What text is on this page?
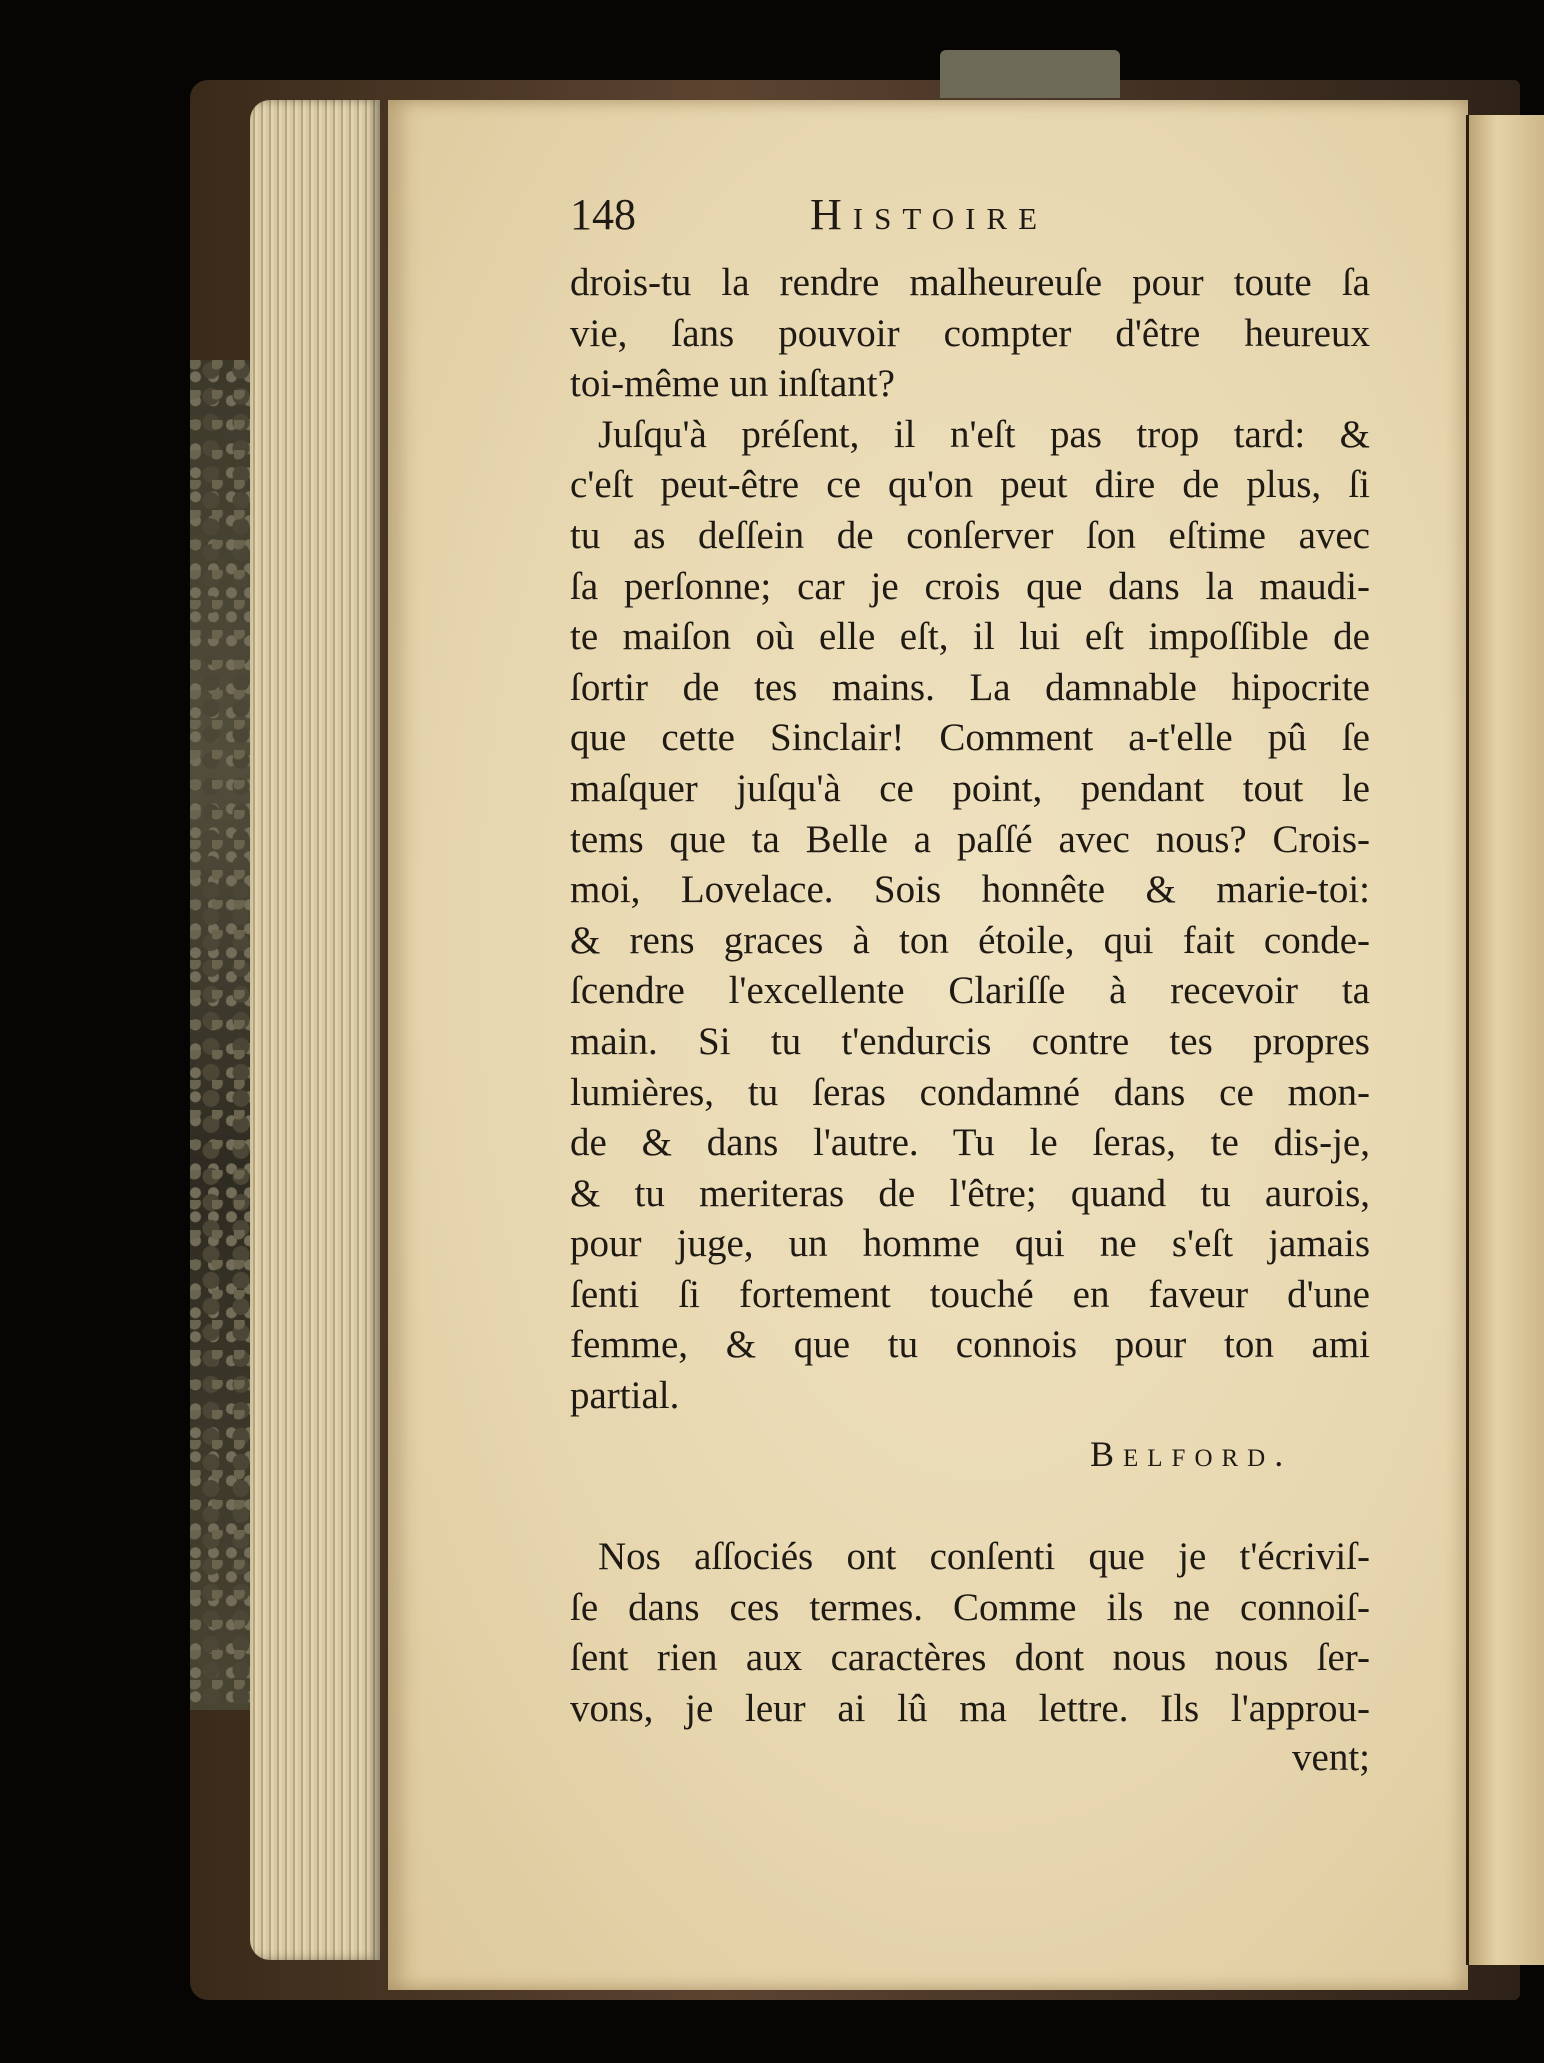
148	Histoire
drois-tu la rendre malheureuſe pour toute ſa
vie, ſans pouvoir compter d'être heureux
toi-même un inſtant?
Juſqu'à préſent, il n'eſt pas trop tard: &
c'eſt peut-être ce qu'on peut dire de plus, ſi
tu as deſſein de conſerver ſon eſtime avec
ſa perſonne; car je crois que dans la maudi-
te maiſon où elle eſt, il lui eſt impoſſible de
ſortir de tes mains. La damnable hipocrite
que cette Sinclair! Comment a-t'elle pû ſe
maſquer juſqu'à ce point, pendant tout le
tems que ta Belle a paſſé avec nous? Crois-
moi, Lovelace. Sois honnête & marie-toi:
& rens graces à ton étoile, qui fait conde-
ſcendre l'excellente Clariſſe à recevoir ta
main. Si tu t'endurcis contre tes propres
lumières, tu ſeras condamné dans ce mon-
de & dans l'autre. Tu le ſeras, te dis-je,
& tu meriteras de l'être; quand tu aurois,
pour juge, un homme qui ne s'eſt jamais
ſenti ſi fortement touché en faveur d'une
femme, & que tu connois pour ton ami
partial.
Belford.
Nos aſſociés ont conſenti que je t'écriviſ-
ſe dans ces termes. Comme ils ne connoiſ-
ſent rien aux caractères dont nous nous ſer-
vons, je leur ai lû ma lettre. Ils l'approu-
vent;
